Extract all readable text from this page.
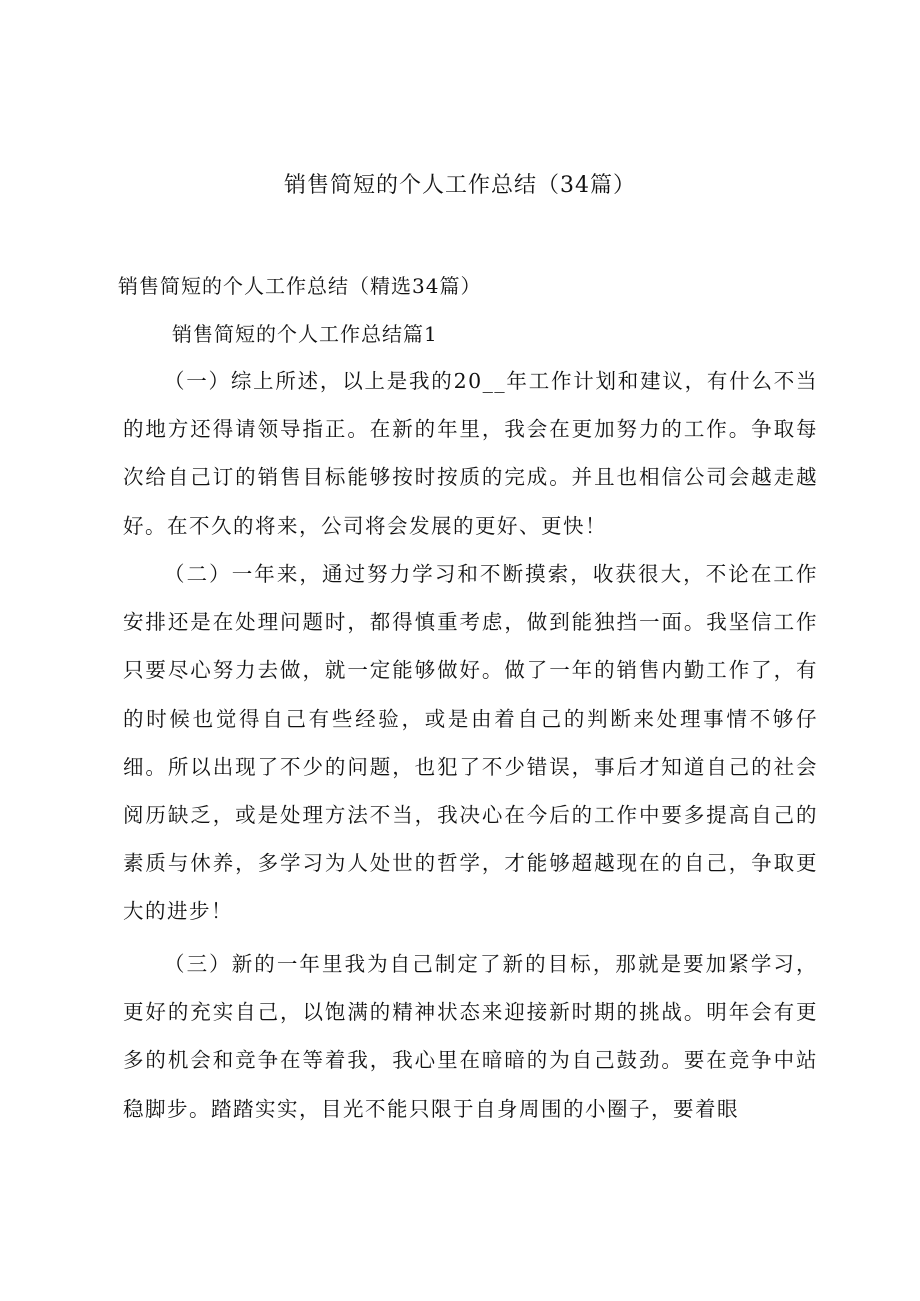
销售简短的个人工作总结（34篇）
销售简短的个人工作总结（精选34篇）
销售简短的个人工作总结篇1

（一）综上所述，以上是我的20__年工作计划和建议，有什么不当的地方还得请领导指正。在新的年里，我会在更加努力的工作。争取每次给自己订的销售目标能够按时按质的完成。并且也相信公司会越走越好。在不久的将来，公司将会发展的更好、更快！

（二）一年来，通过努力学习和不断摸索，收获很大，不论在工作安排还是在处理问题时，都得慎重考虑，做到能独挡一面。我坚信工作只要尽心努力去做，就一定能够做好。做了一年的销售内勤工作了，有的时候也觉得自己有些经验，或是由着自己的判断来处理事情不够仔细。所以出现了不少的问题，也犯了不少错误，事后才知道自己的社会阅历缺乏，或是处理方法不当，我决心在今后的工作中要多提高自己的素质与休养，多学习为人处世的哲学，才能够超越现在的自己，争取更大的进步！

（三）新的一年里我为自己制定了新的目标，那就是要加紧学习，更好的充实自己，以饱满的精神状态来迎接新时期的挑战。明年会有更多的机会和竞争在等着我，我心里在暗暗的为自己鼓劲。要在竞争中站稳脚步。踏踏实实，目光不能只限于自身周围的小圈子，要着眼
